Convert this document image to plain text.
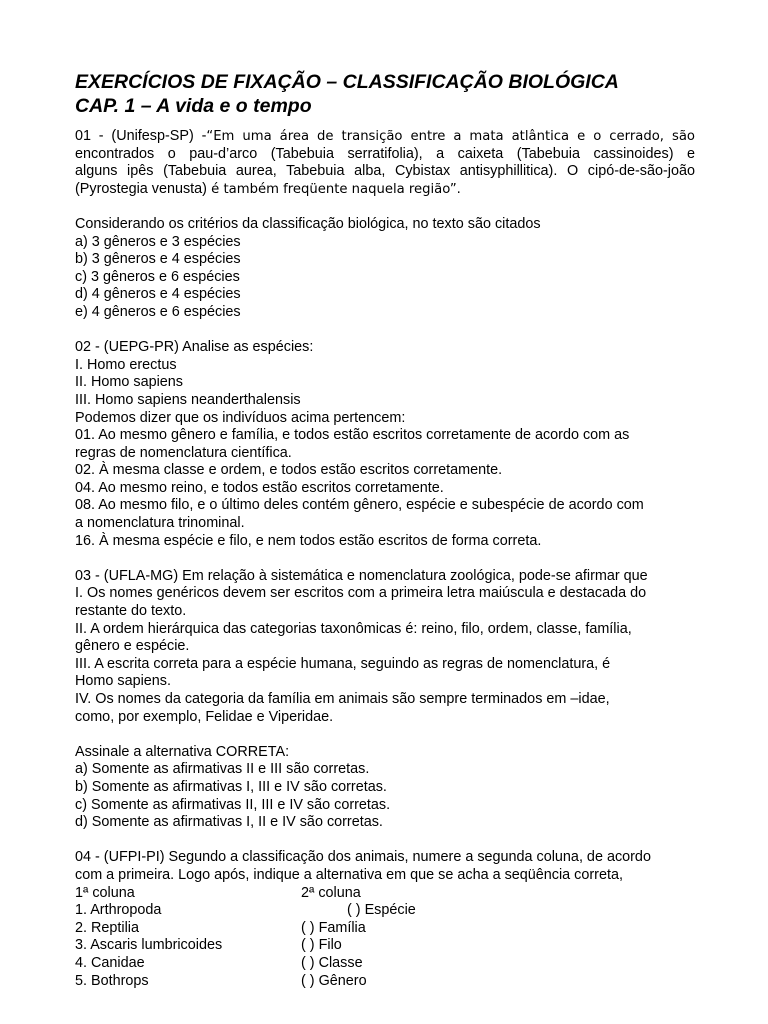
EXERCÍCIOS DE FIXAÇÃO – CLASSIFICAÇÃO BIOLÓGICA
CAP. 1 – A vida e o tempo
01 - (Unifesp-SP) -“Em uma área de transição entre a mata atlântica e o cerrado, são
encontrados o pau-d’arco (Tabebuia serratifolia), a caixeta (Tabebuia cassinoides) e
alguns ipês (Tabebuia aurea, Tabebuia alba, Cybistax antisyphillitica). O cipó-de-são-joão
(Pyrostegia venusta) é também freqüente naquela região”.
Considerando os critérios da classificação biológica, no texto são citados
a) 3 gêneros e 3 espécies
b) 3 gêneros e 4 espécies
c) 3 gêneros e 6 espécies
d) 4 gêneros e 4 espécies
e) 4 gêneros e 6 espécies
02 - (UEPG-PR) Analise as espécies:
I. Homo erectus
II. Homo sapiens
III. Homo sapiens neanderthalensis
Podemos dizer que os indivíduos acima pertencem:
01. Ao mesmo gênero e família, e todos estão escritos corretamente de acordo com as
regras de nomenclatura científica.
02. À mesma classe e ordem, e todos estão escritos corretamente.
04. Ao mesmo reino, e todos estão escritos corretamente.
08. Ao mesmo filo, e o último deles contém gênero, espécie e subespécie de acordo com
a nomenclatura trinominal.
16. À mesma espécie e filo, e nem todos estão escritos de forma correta.
03 - (UFLA-MG) Em relação à sistemática e nomenclatura zoológica, pode-se afirmar que
I. Os nomes genéricos devem ser escritos com a primeira letra maiúscula e destacada do
restante do texto.
II. A ordem hierárquica das categorias taxonômicas é: reino, filo, ordem, classe, família,
gênero e espécie.
III. A escrita correta para a espécie humana, seguindo as regras de nomenclatura, é
Homo sapiens.
IV. Os nomes da categoria da família em animais são sempre terminados em –idae,
como, por exemplo, Felidae e Viperidae.
Assinale a alternativa CORRETA:
a) Somente as afirmativas II e III são corretas.
b) Somente as afirmativas I, III e IV são corretas.
c) Somente as afirmativas II, III e IV são corretas.
d) Somente as afirmativas I, II e IV são corretas.
04 - (UFPI-PI) Segundo a classificação dos animais, numere a segunda coluna, de acordo
com a primeira. Logo após, indique a alternativa em que se acha a seqüência correta,
1ª coluna	2ª coluna
1. Arthropoda	( ) Espécie
2. Reptilia	( ) Família
3. Ascaris lumbricoides	( ) Filo
4. Canidae	( ) Classe
5. Bothrops	( ) Gênero
